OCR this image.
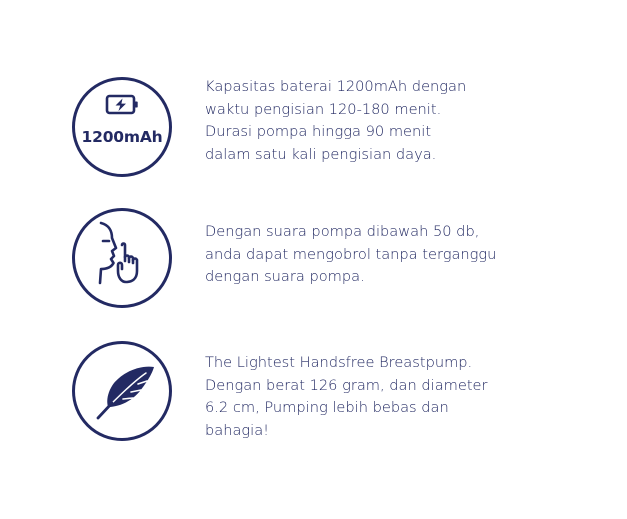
1200mAh

Kapasitas baterai 1200mAh dengan
waktu pengisian 120-180 menit.
Durasi pompa hingga 90 menit
dalam satu kali pengisian daya.

Dengan suara pompa dibawah 50 db,
anda dapat mengobrol tanpa terganggu
dengan suara pompa.

The Lightest Handsfree Breastpump.
Dengan berat 126 gram, dan diameter
6.2 cm, Pumping lebih bebas dan
bahagia!
